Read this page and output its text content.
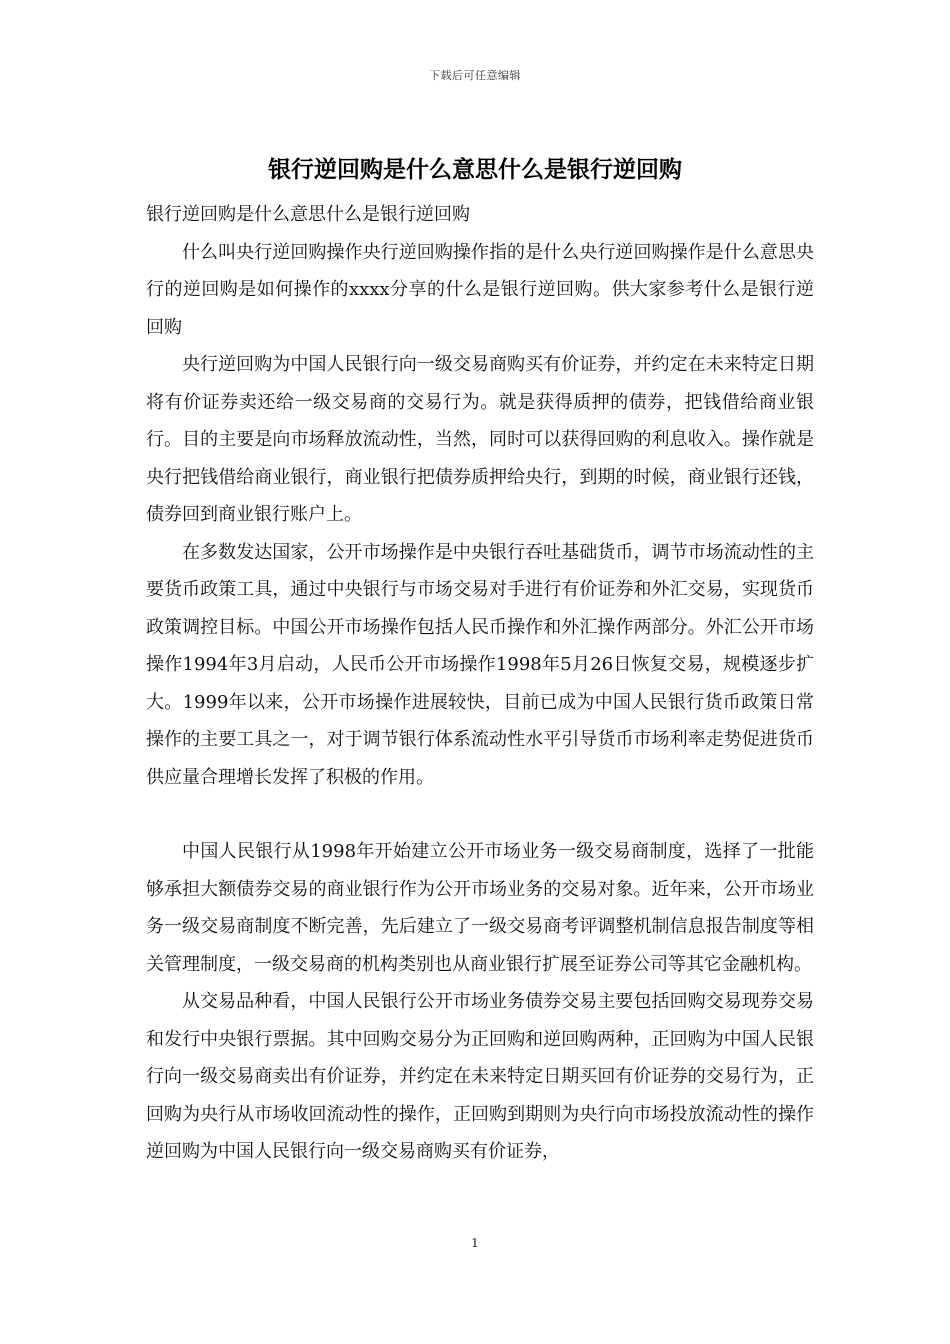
下载后可任意编辑
银行逆回购是什么意思什么是银行逆回购

银行逆回购是什么意思什么是银行逆回购

什么叫央行逆回购操作央行逆回购操作指的是什么央行逆回购操作是什么意思央行的逆回购是如何操作的xxxx分享的什么是银行逆回购。供大家参考什么是银行逆回购

央行逆回购为中国人民银行向一级交易商购买有价证券，并约定在未来特定日期将有价证券卖还给一级交易商的交易行为。就是获得质押的债券，把钱借给商业银行。目的主要是向市场释放流动性，当然，同时可以获得回购的利息收入。操作就是央行把钱借给商业银行，商业银行把债券质押给央行，到期的时候，商业银行还钱，债券回到商业银行账户上。

在多数发达国家，公开市场操作是中央银行吞吐基础货币，调节市场流动性的主要货币政策工具，通过中央银行与市场交易对手进行有价证券和外汇交易，实现货币政策调控目标。中国公开市场操作包括人民币操作和外汇操作两部分。外汇公开市场操作1994年3月启动，人民币公开市场操作1998年5月26日恢复交易，规模逐步扩大。1999年以来，公开市场操作进展较快，目前已成为中国人民银行货币政策日常操作的主要工具之一，对于调节银行体系流动性水平引导货币市场利率走势促进货币供应量合理增长发挥了积极的作用。

中国人民银行从1998年开始建立公开市场业务一级交易商制度，选择了一批能够承担大额债券交易的商业银行作为公开市场业务的交易对象。近年来，公开市场业务一级交易商制度不断完善，先后建立了一级交易商考评调整机制信息报告制度等相关管理制度，一级交易商的机构类别也从商业银行扩展至证券公司等其它金融机构。

从交易品种看，中国人民银行公开市场业务债券交易主要包括回购交易现券交易和发行中央银行票据。其中回购交易分为正回购和逆回购两种，正回购为中国人民银行向一级交易商卖出有价证券，并约定在未来特定日期买回有价证券的交易行为，正回购为央行从市场收回流动性的操作，正回购到期则为央行向市场投放流动性的操作逆回购为中国人民银行向一级交易商购买有价证券，

1
